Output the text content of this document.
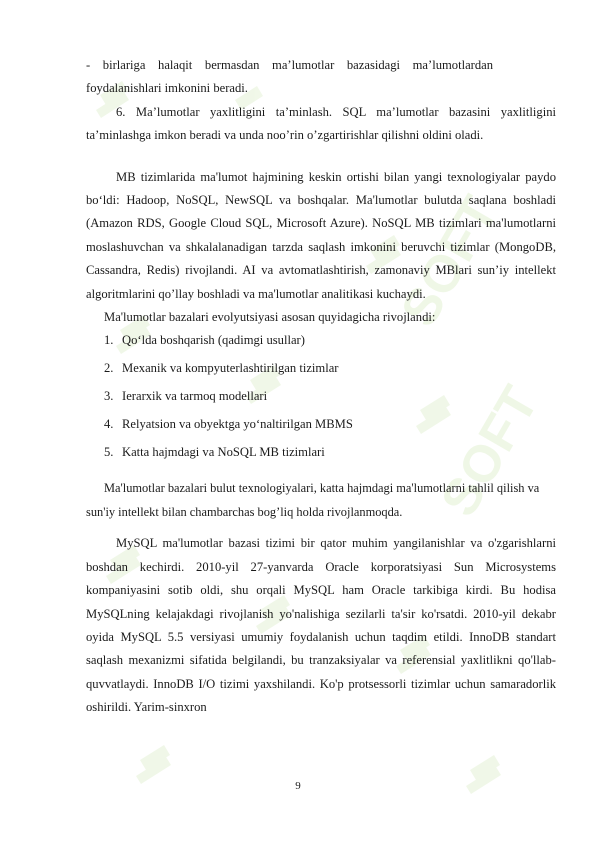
SOFT
SOFT

- birlariga halaqit bermasdan ma’lumotlar bazasidagi ma’lumotlardan foydalanishlari imkonini beradi.

6. Ma’lumotlar yaxlitligini ta’minlash. SQL ma’lumotlar bazasini yaxlitligini ta’minlashga imkon beradi va unda noo’rin o’zgartirishlar qilishni oldini oladi.

MB tizimlarida ma'lumot hajmining keskin ortishi bilan yangi texnologiyalar paydo bo‘ldi: Hadoop, NoSQL, NewSQL va boshqalar. Ma'lumotlar bulutda saqlana boshladi (Amazon RDS, Google Cloud SQL, Microsoft Azure). NoSQL MB tizimlari ma'lumotlarni moslashuvchan va shkalalanadigan tarzda saqlash imkonini beruvchi tizimlar (MongoDB, Cassandra, Redis) rivojlandi. AI va avtomatlashtirish, zamonaviy MBlari sun’iy intellekt algoritmlarini qo’llay boshladi va ma'lumotlar analitikasi kuchaydi.

Ma'lumotlar bazalari evolyutsiyasi asosan quyidagicha rivojlandi:

1. Qo‘lda boshqarish (qadimgi usullar)
2. Mexanik va kompyuterlashtirilgan tizimlar
3. Ierarxik va tarmoq modellari
4. Relyatsion va obyektga yo‘naltirilgan MBMS
5. Katta hajmdagi va NoSQL MB tizimlari

Ma'lumotlar bazalari bulut texnologiyalari, katta hajmdagi ma'lumotlarni tahlil qilish va sun'iy intellekt bilan chambarchas bog’liq holda rivojlanmoqda.

MySQL ma'lumotlar bazasi tizimi bir qator muhim yangilanishlar va o'zgarishlarni boshdan kechirdi. 2010-yil 27-yanvarda Oracle korporatsiyasi Sun Microsystems kompaniyasini sotib oldi, shu orqali MySQL ham Oracle tarkibiga kirdi. Bu hodisa MySQLning kelajakdagi rivojlanish yo'nalishiga sezilarli ta'sir ko'rsatdi. 2010-yil dekabr oyida MySQL 5.5 versiyasi umumiy foydalanish uchun taqdim etildi. InnoDB standart saqlash mexanizmi sifatida belgilandi, bu tranzaksiyalar va referensial yaxlitlikni qo'llab-quvvatlaydi. InnoDB I/O tizimi yaxshilandi. Ko'p protsessorli tizimlar uchun samaradorlik oshirildi. Yarim-sinxron

9
